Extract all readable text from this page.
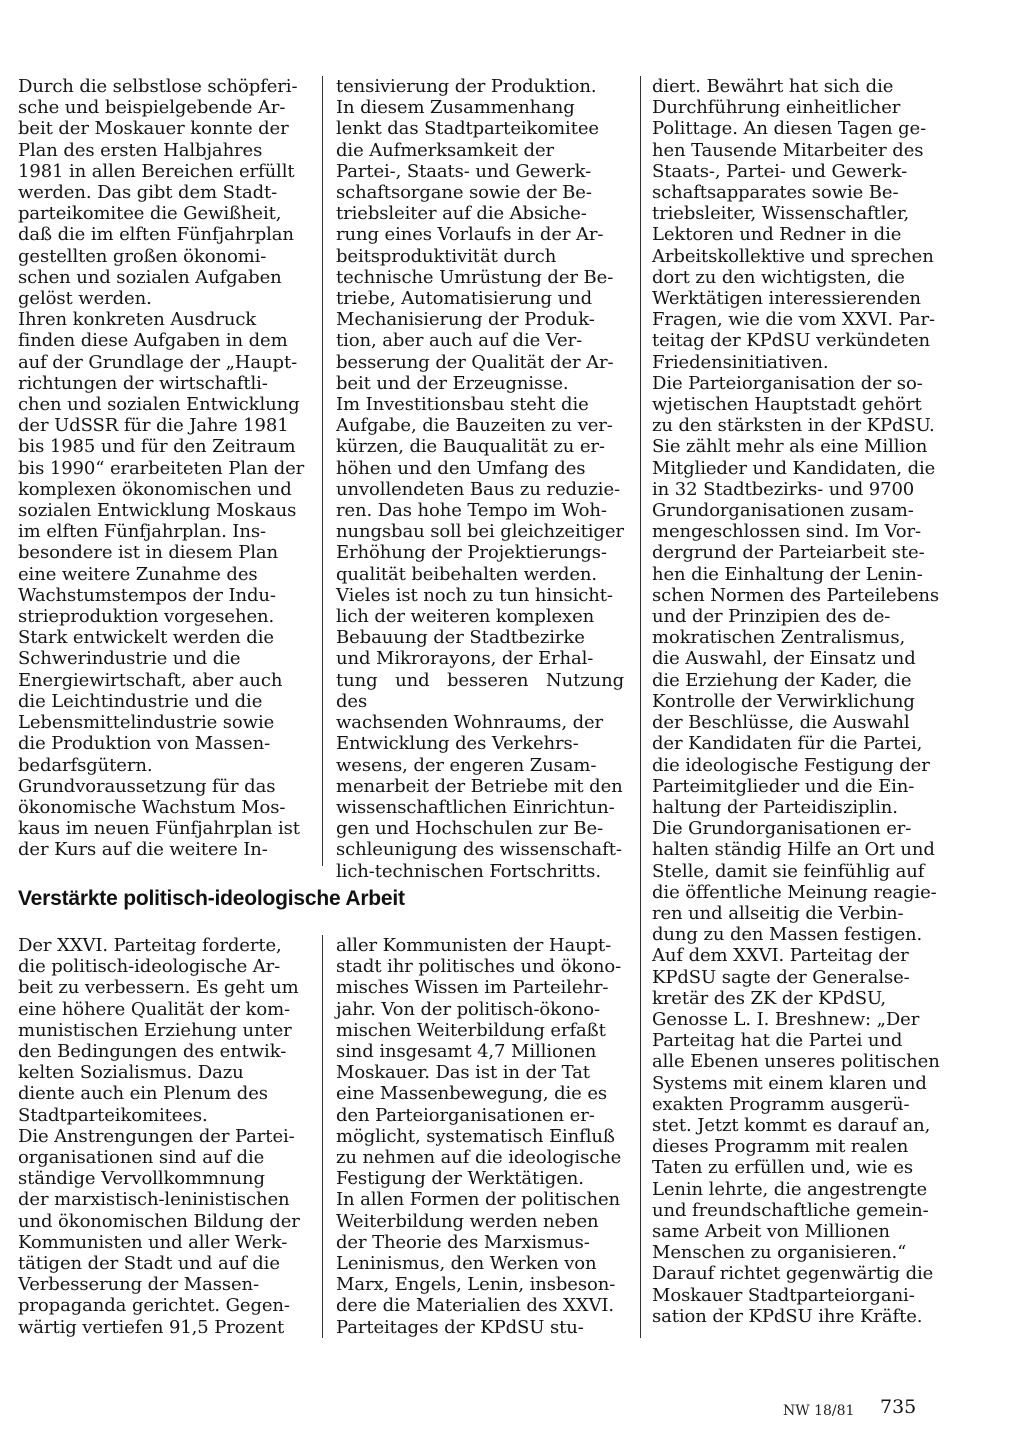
Durch die selbstlose schöpferi-
sche und beispielgebende Ar-
beit der Moskauer konnte der
Plan des ersten Halbjahres
1981 in allen Bereichen erfüllt
werden. Das gibt dem Stadt-
parteikomitee die Gewißheit,
daß die im elften Fünfjahrplan
gestellten großen ökonomi-
schen und sozialen Aufgaben
gelöst werden.

Ihren konkreten Ausdruck
finden diese Aufgaben in dem
auf der Grundlage der „Haupt-
richtungen der wirtschaftli-
chen und sozialen Entwicklung
der UdSSR für die Jahre 1981
bis 1985 und für den Zeitraum
bis 1990“ erarbeiteten Plan der
komplexen ökonomischen und
sozialen Entwicklung Moskaus
im elften Fünfjahrplan. Ins-
besondere ist in diesem Plan
eine weitere Zunahme des
Wachstumstempos der Indu-
strieproduktion vorgesehen.

Stark entwickelt werden die
Schwerindustrie und die
Energiewirtschaft, aber auch
die Leichtindustrie und die
Lebensmittelindustrie sowie
die Produktion von Massen-
bedarfsgütern.

Grundvoraussetzung für das
ökonomische Wachstum Mos-
kaus im neuen Fünfjahrplan ist
der Kurs auf die weitere In-

tensivierung der Produktion.
In diesem Zusammenhang
lenkt das Stadtparteikomitee
die Aufmerksamkeit der
Partei-, Staats- und Gewerk-
schaftsorgane sowie der Be-
triebsleiter auf die Absiche-
rung eines Vorlaufs in der Ar-
beitsproduktivität durch
technische Umrüstung der Be-
triebe, Automatisierung und
Mechanisierung der Produk-
tion, aber auch auf die Ver-
besserung der Qualität der Ar-
beit und der Erzeugnisse.

Im Investitionsbau steht die
Aufgabe, die Bauzeiten zu ver-
kürzen, die Bauqualität zu er-
höhen und den Umfang des
unvollendeten Baus zu reduzie-
ren. Das hohe Tempo im Woh-
nungsbau soll bei gleichzeitiger
Erhöhung der Projektierungs-
qualität beibehalten werden.

Vieles ist noch zu tun hinsicht-
lich der weiteren komplexen
Bebauung der Stadtbezirke
und Mikrorayons, der Erhal-
tung und besseren Nutzung des
wachsenden Wohnraums, der
Entwicklung des Verkehrs-
wesens, der engeren Zusam-
menarbeit der Betriebe mit den
wissenschaftlichen Einrichtun-
gen und Hochschulen zur Be-
schleunigung des wissenschaft-
lich-technischen Fortschritts.

Verstärkte politisch-ideologische Arbeit

Der XXVI. Parteitag forderte,
die politisch-ideologische Ar-
beit zu verbessern. Es geht um
eine höhere Qualität der kom-
munistischen Erziehung unter
den Bedingungen des entwik-
kelten Sozialismus. Dazu
diente auch ein Plenum des
Stadtparteikomitees.

Die Anstrengungen der Partei-
organisationen sind auf die
ständige Vervollkommnung
der marxistisch-leninistischen
und ökonomischen Bildung der
Kommunisten und aller Werk-
tätigen der Stadt und auf die
Verbesserung der Massen-
propaganda gerichtet. Gegen-
wärtig vertiefen 91,5 Prozent

aller Kommunisten der Haupt-
stadt ihr politisches und ökono-
misches Wissen im Parteilehr-
jahr. Von der politisch-ökono-
mischen Weiterbildung erfaßt
sind insgesamt 4,7 Millionen
Moskauer. Das ist in der Tat
eine Massenbewegung, die es
den Parteiorganisationen er-
möglicht, systematisch Einfluß
zu nehmen auf die ideologische
Festigung der Werktätigen.

In allen Formen der politischen
Weiterbildung werden neben
der Theorie des Marxismus-
Leninismus, den Werken von
Marx, Engels, Lenin, insbeson-
dere die Materialien des XXVI.
Parteitages der KPdSU stu-

diert. Bewährt hat sich die
Durchführung einheitlicher
Polittage. An diesen Tagen ge-
hen Tausende Mitarbeiter des
Staats-, Partei- und Gewerk-
schaftsapparates sowie Be-
triebsleiter, Wissenschaftler,
Lektoren und Redner in die
Arbeitskollektive und sprechen
dort zu den wichtigsten, die
Werktätigen interessierenden
Fragen, wie die vom XXVI. Par-
teitag der KPdSU verkündeten
Friedensinitiativen.

Die Parteiorganisation der so-
wjetischen Hauptstadt gehört
zu den stärksten in der KPdSU.
Sie zählt mehr als eine Million
Mitglieder und Kandidaten, die
in 32 Stadtbezirks- und 9700
Grundorganisationen zusam-
mengeschlossen sind. Im Vor-
dergrund der Parteiarbeit ste-
hen die Einhaltung der Lenin-
schen Normen des Parteilebens
und der Prinzipien des de-
mokratischen Zentralismus,
die Auswahl, der Einsatz und
die Erziehung der Kader, die
Kontrolle der Verwirklichung
der Beschlüsse, die Auswahl
der Kandidaten für die Partei,
die ideologische Festigung der
Parteimitglieder und die Ein-
haltung der Parteidisziplin.

Die Grundorganisationen er-
halten ständig Hilfe an Ort und
Stelle, damit sie feinfühlig auf
die öffentliche Meinung reagie-
ren und allseitig die Verbin-
dung zu den Massen festigen.

Auf dem XXVI. Parteitag der
KPdSU sagte der Generalse-
kretär des ZK der KPdSU,
Genosse L. I. Breshnew: „Der
Parteitag hat die Partei und
alle Ebenen unseres politischen
Systems mit einem klaren und
exakten Programm ausgerü-
stet. Jetzt kommt es darauf an,
dieses Programm mit realen
Taten zu erfüllen und, wie es
Lenin lehrte, die angestrengte
und freundschaftliche gemein-
same Arbeit von Millionen
Menschen zu organisieren.“

Darauf richtet gegenwärtig die
Moskauer Stadtparteiorgani-
sation der KPdSU ihre Kräfte.

NW 18/81 735
